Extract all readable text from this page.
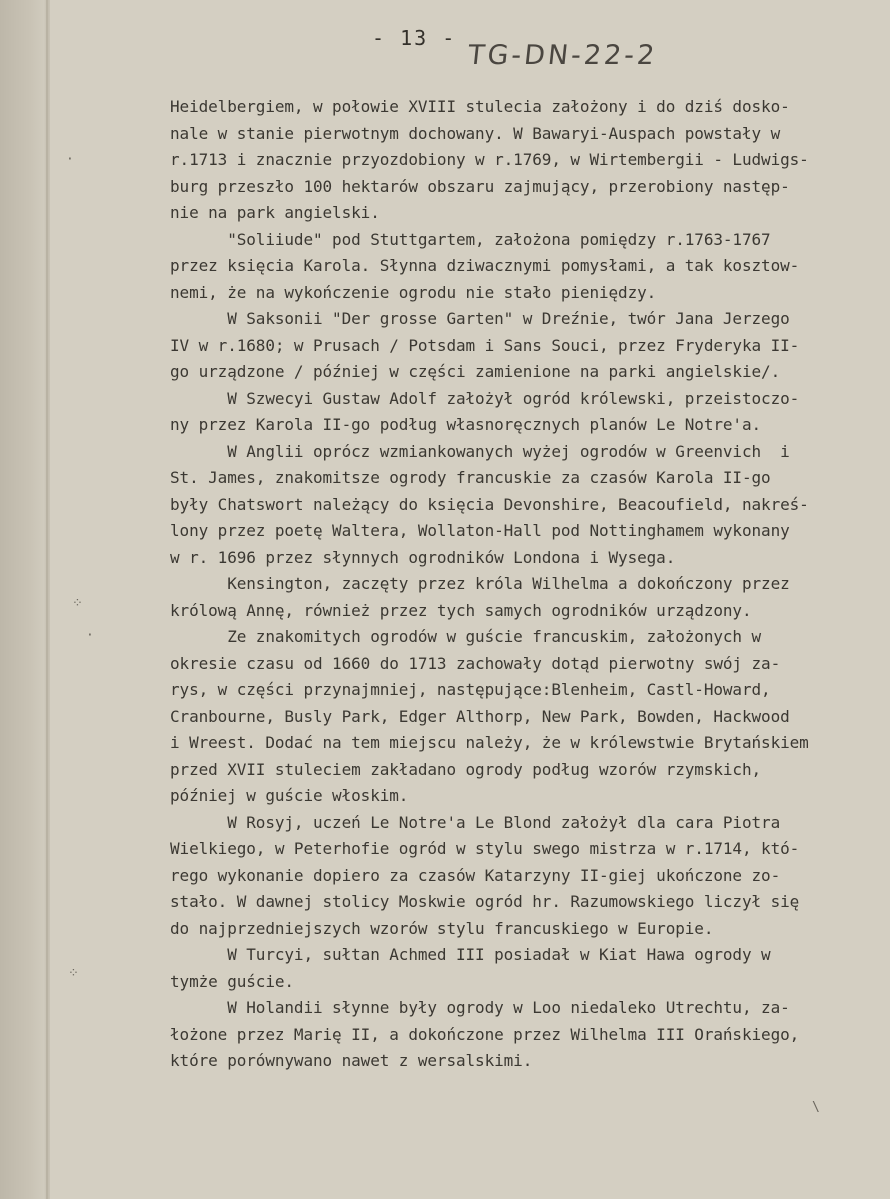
- 13 -
TG-DN-22-2
·
⁘
·
⁘
\
Heidelbergiem, w połowie XVIII stulecia założony i do dziś dosko-
nale w stanie pierwotnym dochowany. W Bawaryi-Auspach powstały w
r.1713 i znacznie przyozdobiony w r.1769, w Wirtembergii - Ludwigs-
burg przeszło 100 hektarów obszaru zajmujący, przerobiony następ-
nie na park angielski.
"Soliiude" pod Stuttgartem, założona pomiędzy r.1763-1767
przez księcia Karola. Słynna dziwacznymi pomysłami, a tak kosztow-
nemi, że na wykończenie ogrodu nie stało pieniędzy.
W Saksonii "Der grosse Garten" w Dreźnie, twór Jana Jerzego
IV w r.1680; w Prusach / Potsdam i Sans Souci, przez Fryderyka II-
go urządzone / później w części zamienione na parki angielskie/.
W Szwecyi Gustaw Adolf założył ogród królewski, przeistoczo-
ny przez Karola II-go podług własnoręcznych planów Le Notre'a.
W Anglii oprócz wzmiankowanych wyżej ogrodów w Greenvich  i
St. James, znakomitsze ogrody francuskie za czasów Karola II-go
były Chatswort należący do księcia Devonshire, Beacoufield, nakreś-
lony przez poetę Waltera, Wollaton-Hall pod Nottinghamem wykonany
w r. 1696 przez słynnych ogrodników Londona i Wysega.
Kensington, zaczęty przez króla Wilhelma a dokończony przez
królową Annę, również przez tych samych ogrodników urządzony.
Ze znakomitych ogrodów w guście francuskim, założonych w
okresie czasu od 1660 do 1713 zachowały dotąd pierwotny swój za-
rys, w części przynajmniej, następujące:Blenheim, Castl-Howard,
Cranbourne, Busly Park, Edger Althorp, New Park, Bowden, Hackwood
i Wreest. Dodać na tem miejscu należy, że w królewstwie Brytańskiem
przed XVII stuleciem zakładano ogrody podług wzorów rzymskich,
później w guście włoskim.
W Rosyj, uczeń Le Notre'a Le Blond założył dla cara Piotra
Wielkiego, w Peterhofie ogród w stylu swego mistrza w r.1714, któ-
rego wykonanie dopiero za czasów Katarzyny II-giej ukończone zo-
stało. W dawnej stolicy Moskwie ogród hr. Razumowskiego liczył się
do najprzedniejszych wzorów stylu francuskiego w Europie.
W Turcyi, sułtan Achmed III posiadał w Kiat Hawa ogrody w
tymże guście.
W Holandii słynne były ogrody w Loo niedaleko Utrechtu, za-
łożone przez Marię II, a dokończone przez Wilhelma III Orańskiego,
które porównywano nawet z wersalskimi.
